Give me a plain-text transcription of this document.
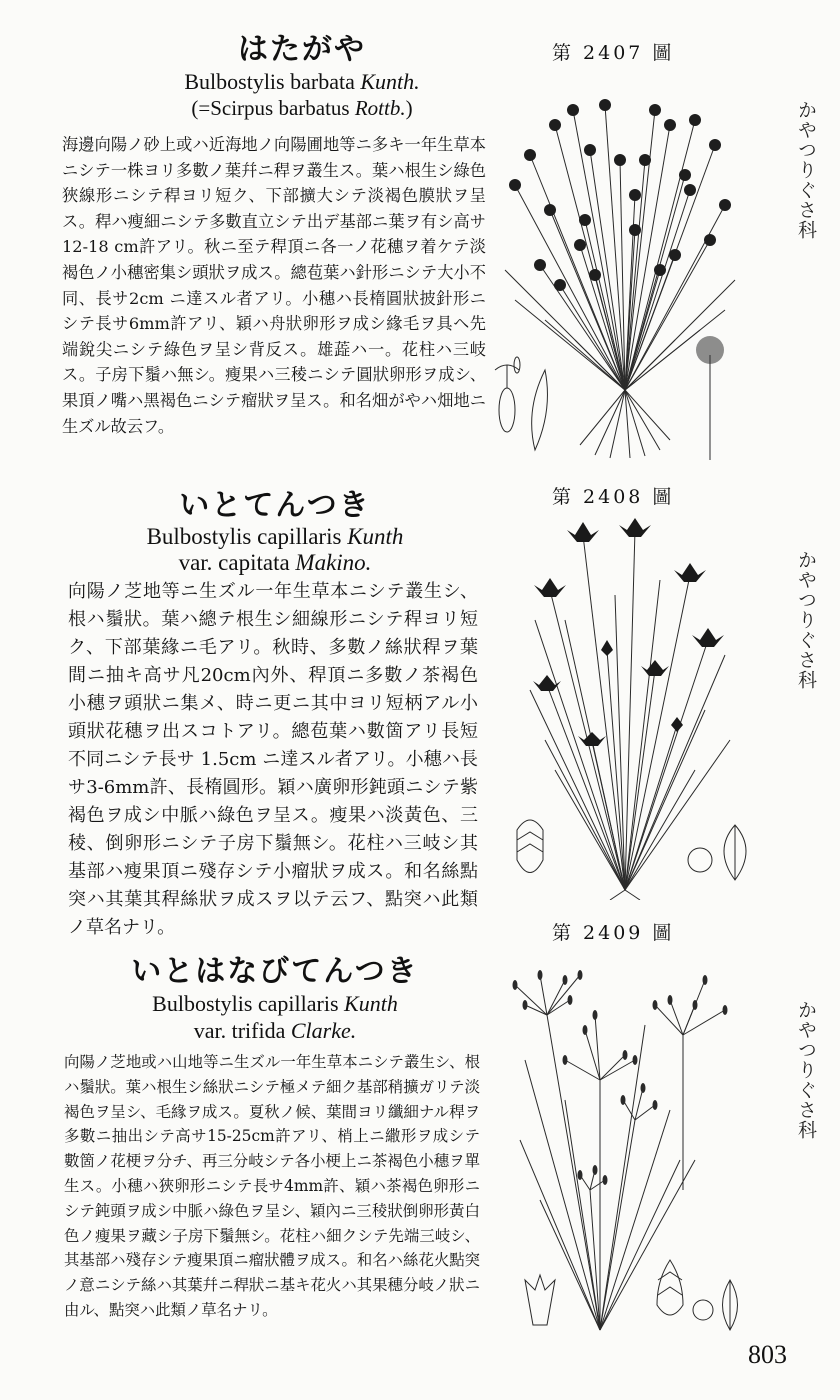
はたがや
Bulbostylis barbata Kunth.
(=Scirpus barbatus Rottb.)

海邊向陽ノ砂上或ハ近海地ノ向陽圃地等ニ多キ一年生草本ニシテ一株ヨリ多數ノ葉幷ニ稈ヲ叢生ス。葉ハ根生シ綠色狹線形ニシテ稈ヨリ短ク、下部擴大シテ淡褐色膜狀ヲ呈ス。稈ハ瘦細ニシテ多數直立シテ出デ基部ニ葉ヲ有シ高サ 12-18 cm許アリ。秋ニ至テ稈頂ニ各一ノ花穗ヲ着ケテ淡褐色ノ小穗密集シ頭狀ヲ成ス。總苞葉ハ針形ニシテ大小不同、長サ2cm ニ達スル者アリ。小穗ハ長楕圓狀披針形ニシテ長サ6mm許アリ、穎ハ舟狀卵形ヲ成シ緣毛ヲ具ヘ先端銳尖ニシテ綠色ヲ呈シ背反ス。雄蕋ハ一。花柱ハ三岐ス。子房下鬚ハ無シ。瘦果ハ三稜ニシテ圓狀卵形ヲ成シ、果頂ノ嘴ハ黑褐色ニシテ瘤狀ヲ呈ス。和名畑がやハ畑地ニ生ズル故云フ。

第 2407 圖
かやつりぐさ科
いとてんつき
Bulbostylis capillaris Kunth
var. capitata Makino.

向陽ノ芝地等ニ生ズル一年生草本ニシテ叢生シ、根ハ鬚狀。葉ハ總テ根生シ細線形ニシテ稈ヨリ短ク、下部葉緣ニ毛アリ。秋時、多數ノ絲狀稈ヲ葉間ニ抽キ高サ凡20cm內外、稈頂ニ多數ノ茶褐色小穗ヲ頭狀ニ集メ、時ニ更ニ其中ヨリ短柄アル小頭狀花穗ヲ出スコトアリ。總苞葉ハ數箇アリ長短不同ニシテ長サ 1.5cm ニ達スル者アリ。小穗ハ長サ3-6mm許、長楕圓形。穎ハ廣卵形鈍頭ニシテ紫褐色ヲ成シ中脈ハ綠色ヲ呈ス。瘦果ハ淡黃色、三稜、倒卵形ニシテ子房下鬚無シ。花柱ハ三岐シ其基部ハ瘦果頂ニ殘存シテ小瘤狀ヲ成ス。和名絲點突ハ其葉其稈絲狀ヲ成スヲ以テ云フ、點突ハ此類ノ草名ナリ。

第 2408 圖
かやつりぐさ科
いとはなびてんつき
Bulbostylis capillaris Kunth
var. trifida Clarke.

向陽ノ芝地或ハ山地等ニ生ズル一年生草本ニシテ叢生シ、根ハ鬚狀。葉ハ根生シ絲狀ニシテ極メテ細ク基部稍擴ガリテ淡褐色ヲ呈シ、毛緣ヲ成ス。夏秋ノ候、葉間ヨリ纖細ナル稈ヲ多數ニ抽出シテ高サ15-25cm許アリ、梢上ニ繖形ヲ成シテ數箇ノ花梗ヲ分チ、再三分岐シテ各小梗上ニ茶褐色小穗ヲ單生ス。小穗ハ狹卵形ニシテ長サ4mm許、穎ハ茶褐色卵形ニシテ鈍頭ヲ成シ中脈ハ綠色ヲ呈シ、穎內ニ三稜狀倒卵形黃白色ノ瘦果ヲ藏シ子房下鬚無シ。花柱ハ細クシテ先端三岐シ、其基部ハ殘存シテ瘦果頂ニ瘤狀體ヲ成ス。和名ハ絲花火點突ノ意ニシテ絲ハ其葉幷ニ稈狀ニ基キ花火ハ其果穗分岐ノ狀ニ由ル、點突ハ此類ノ草名ナリ。

第 2409 圖
かやつりぐさ科
803
